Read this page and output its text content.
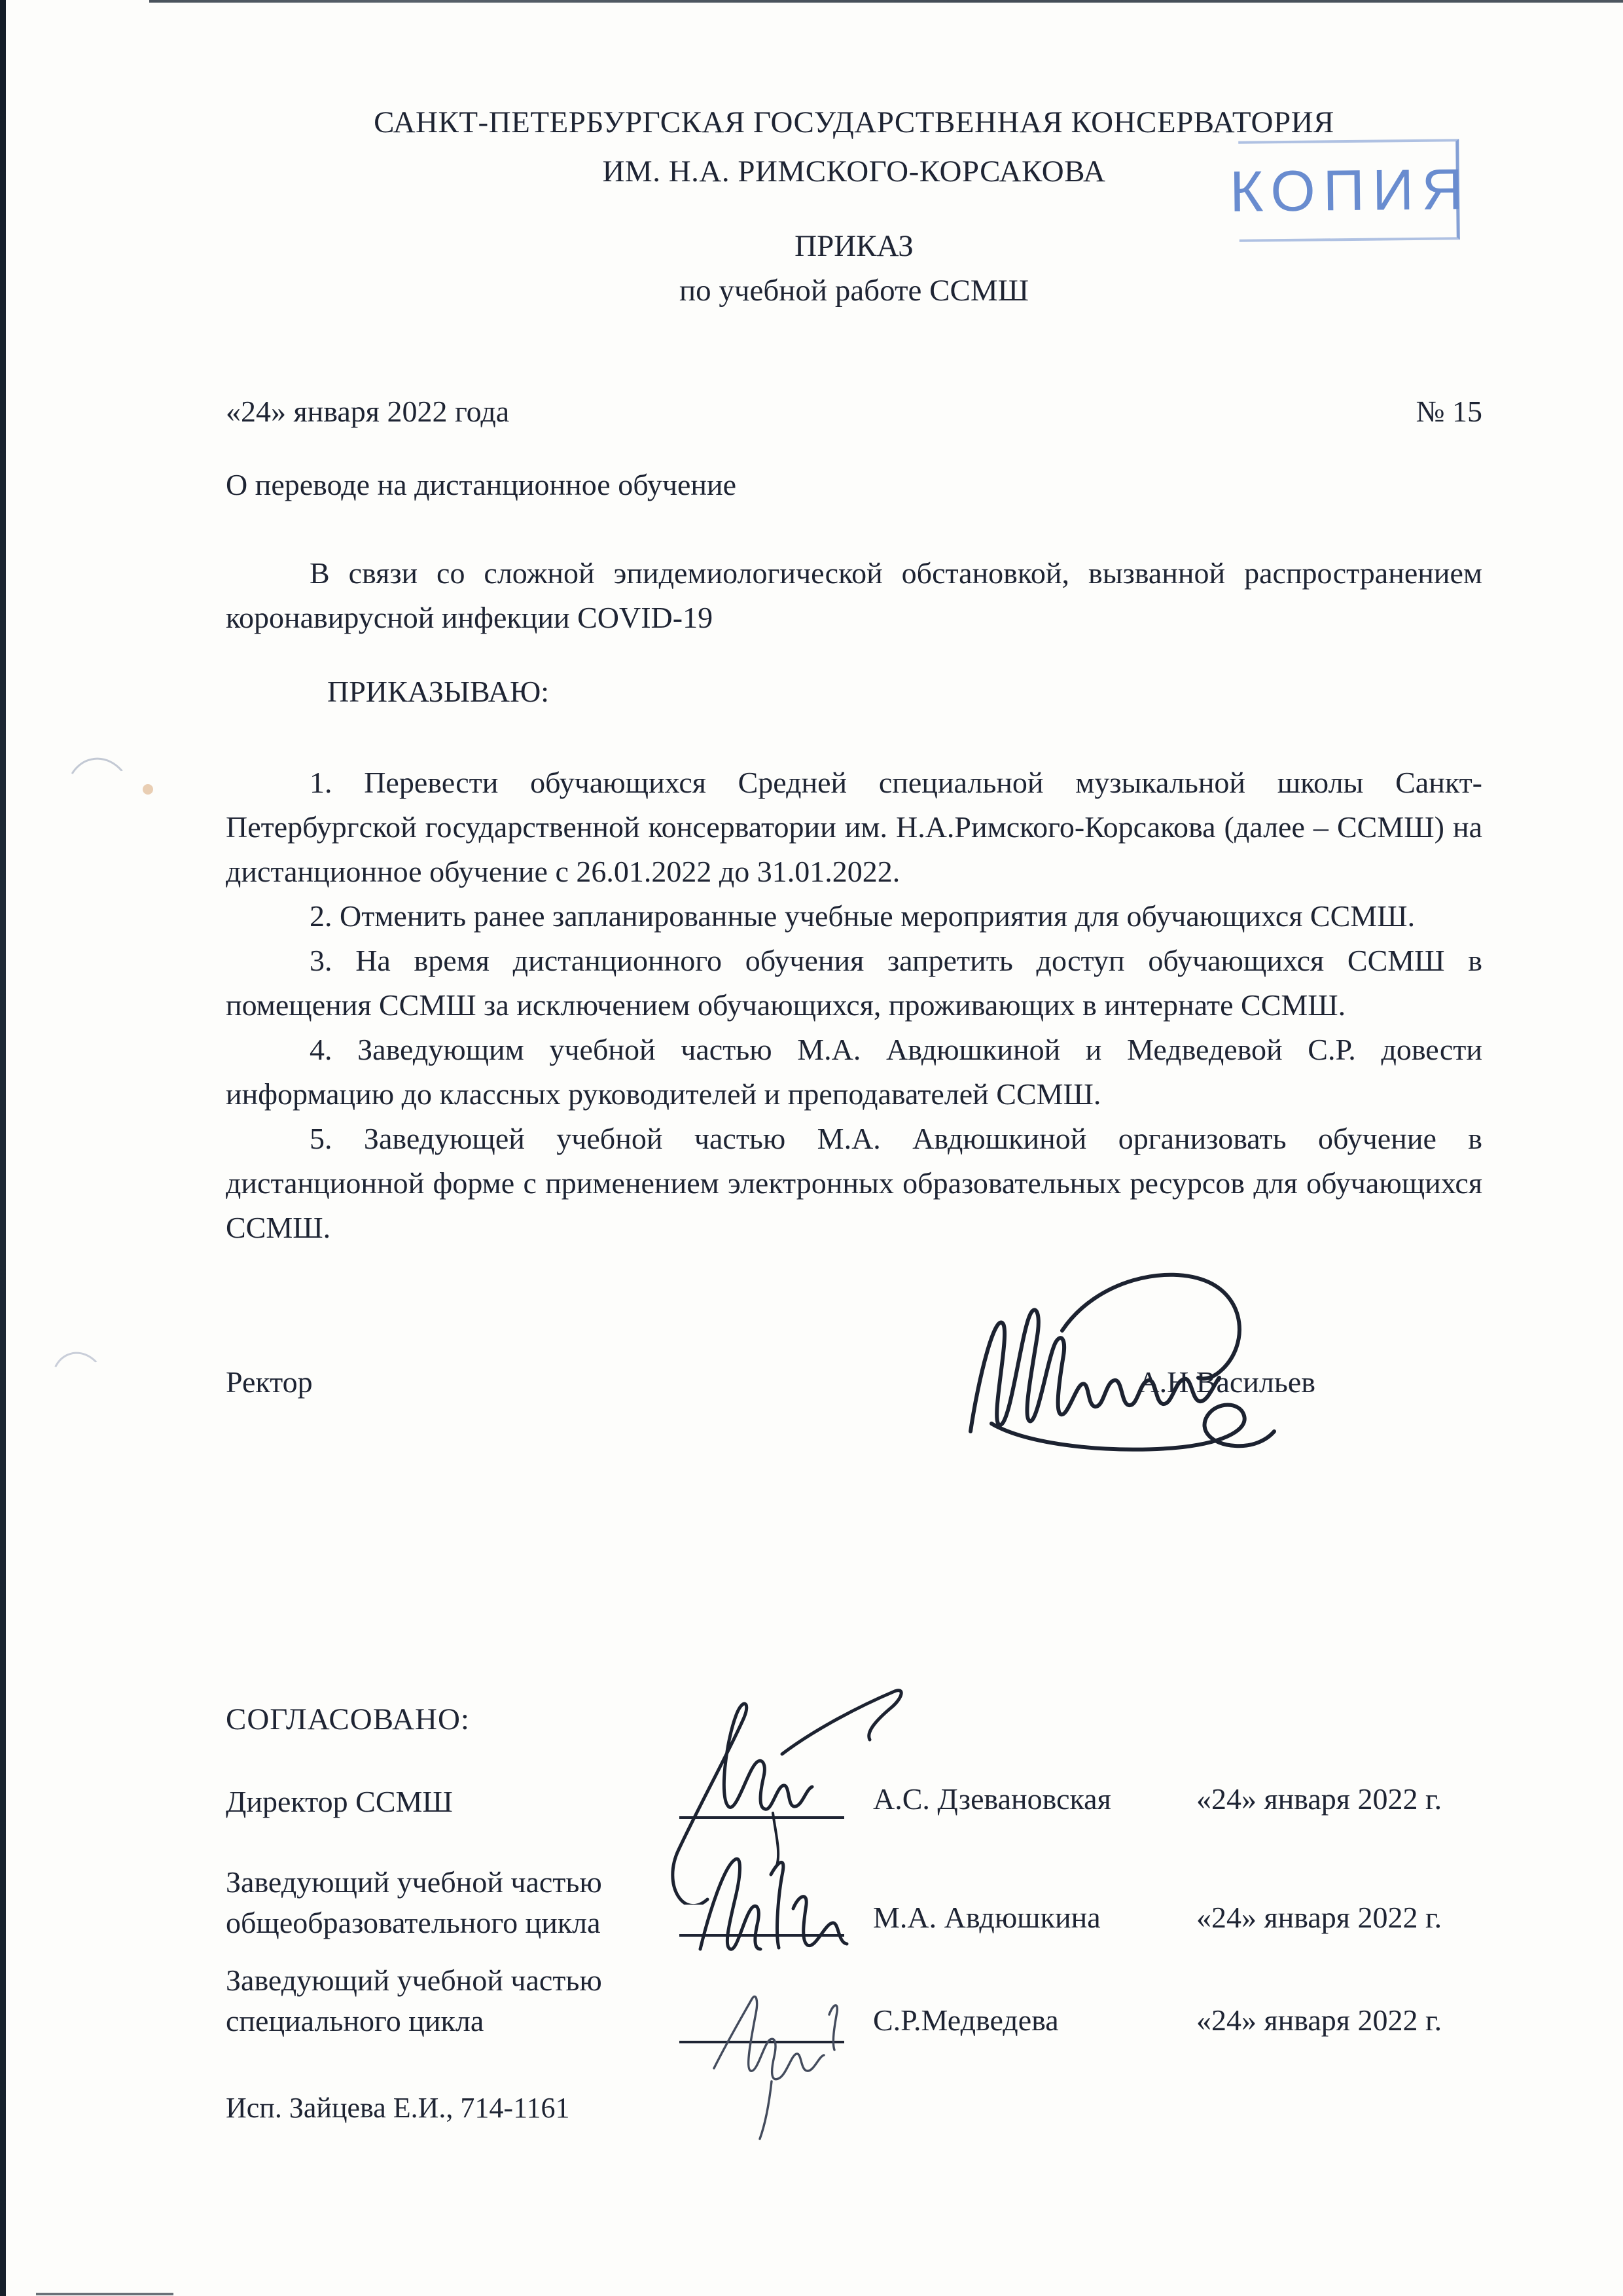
САНКТ-ПЕТЕРБУРГСКАЯ ГОСУДАРСТВЕННАЯ КОНСЕРВАТОРИЯ
ИМ. Н.А. РИМСКОГО-КОРСАКОВА	КОПИЯ
ПРИКАЗ
по учебной работе ССМШ
«24» января 2022 года	№ 15
О переводе на дистанционное обучение
В связи со сложной эпидемиологической обстановкой, вызванной распространением коронавирусной инфекции COVID-19
ПРИКАЗЫВАЮ:

1. Перевести обучающихся Средней специальной музыкальной школы Санкт-Петербургской государственной консерватории им. Н.А.Римского-Корсакова (далее – ССМШ) на дистанционное обучение с 26.01.2022 до 31.01.2022.

2. Отменить ранее запланированные учебные мероприятия для обучающихся ССМШ.

3. На время дистанционного обучения запретить доступ обучающихся ССМШ в помещения ССМШ за исключением обучающихся, проживающих в интернате ССМШ.

4. Заведующим учебной частью М.А. Авдюшкиной и Медведевой С.Р. довести информацию до классных руководителей и преподавателей ССМШ.

5. Заведующей учебной частью М.А. Авдюшкиной организовать обучение в дистанционной форме с применением электронных образовательных ресурсов для обучающихся ССМШ.

Ректор	А.Н.Васильев
СОГЛАСОВАНО:
Директор ССМШ	А.С. Дзевановская	«24» января 2022 г.
Заведующий учебной частью
общеобразовательного цикла	М.А. Авдюшкина	«24» января 2022 г.
Заведующий учебной частью
специального цикла	С.Р.Медведева	«24» января 2022 г.
Исп. Зайцева Е.И., 714-1161
